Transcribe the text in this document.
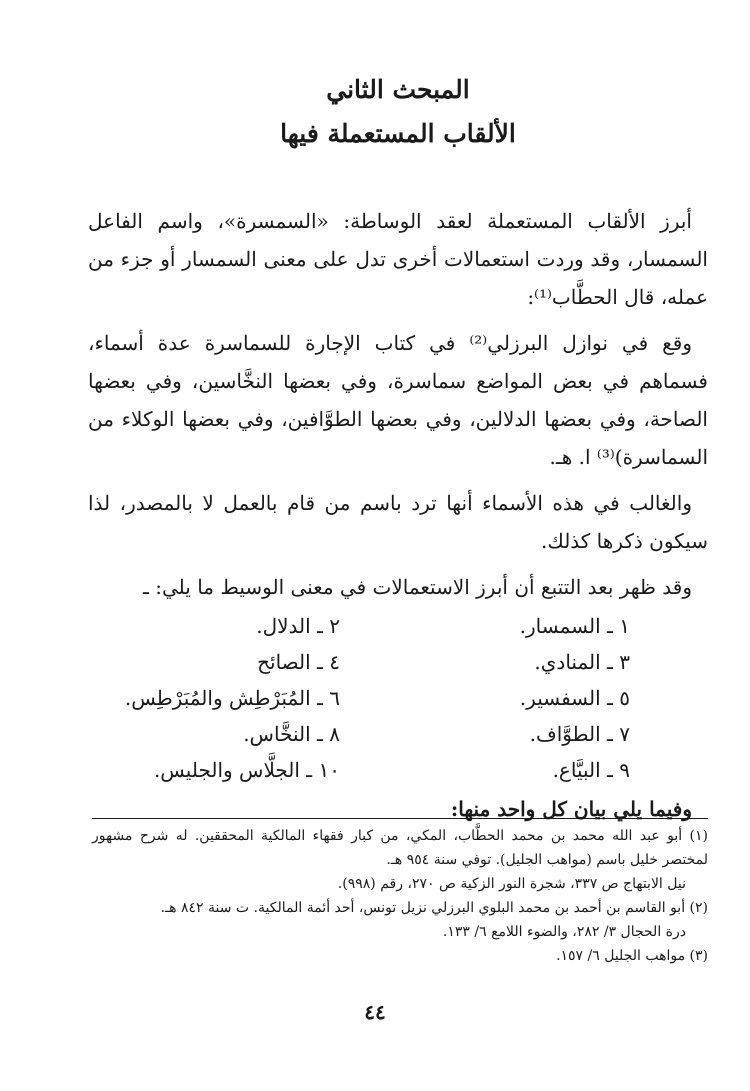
المبحث الثاني
الألقاب المستعملة فيها

أبرز الألقاب المستعملة لعقد الوساطة: «السمسرة»، واسم الفاعل السمسار، وقد وردت استعمالات أخرى تدل على معنى السمسار أو جزء من عمله، قال الحطَّاب⁽¹⁾:

وقع في نوازل البرزلي⁽²⁾ في كتاب الإجارة للسماسرة عدة أسماء، فسماهم في بعض المواضع سماسرة، وفي بعضها النخَّاسين، وفي بعضها الصاحة، وفي بعضها الدلالين، وفي بعضها الطوَّافين، وفي بعضها الوكلاء من السماسرة)⁽³⁾ ا. هـ.

والغالب في هذه الأسماء أنها ترد باسم من قام بالعمل لا بالمصدر، لذا سيكون ذكرها كذلك.

وقد ظهر بعد التتبع أن أبرز الاستعمالات في معنى الوسيط ما يلي: ـ

١ ـ السمسار.
٢ ـ الدلال.
٣ ـ المنادي.
٤ ـ الصائح
٥ ـ السفسير.
٦ ـ المُبَرْطِش والمُبَرْطِس.
٧ ـ الطوَّاف.
٨ ـ النخَّاس.
٩ ـ البيَّاع.
١٠ ـ الجلَّاس والجليس.

وفيما يلي بيان كل واحد منها:

(١) أبو عبد الله محمد بن محمد الحطَّاب، المكي، من كبار فقهاء المالكية المحققين. له شرح مشهور لمختصر خليل باسم (مواهب الجليل). توفي سنة ٩٥٤ هـ.

نيل الابتهاج ص ٣٣٧، شجرة النور الزكية ص ٢٧٠، رقم (٩٩٨).

(٢) أبو القاسم بن أحمد بن محمد البلوي البرزلي نزيل تونس، أحد أئمة المالكية. ت سنة ٨٤٢ هـ.

درة الحجال ٣/ ٢٨٢، والضوء اللامع ٦/ ١٣٣.

(٣) مواهب الجليل ٦/ ١٥٧.

٤٤
